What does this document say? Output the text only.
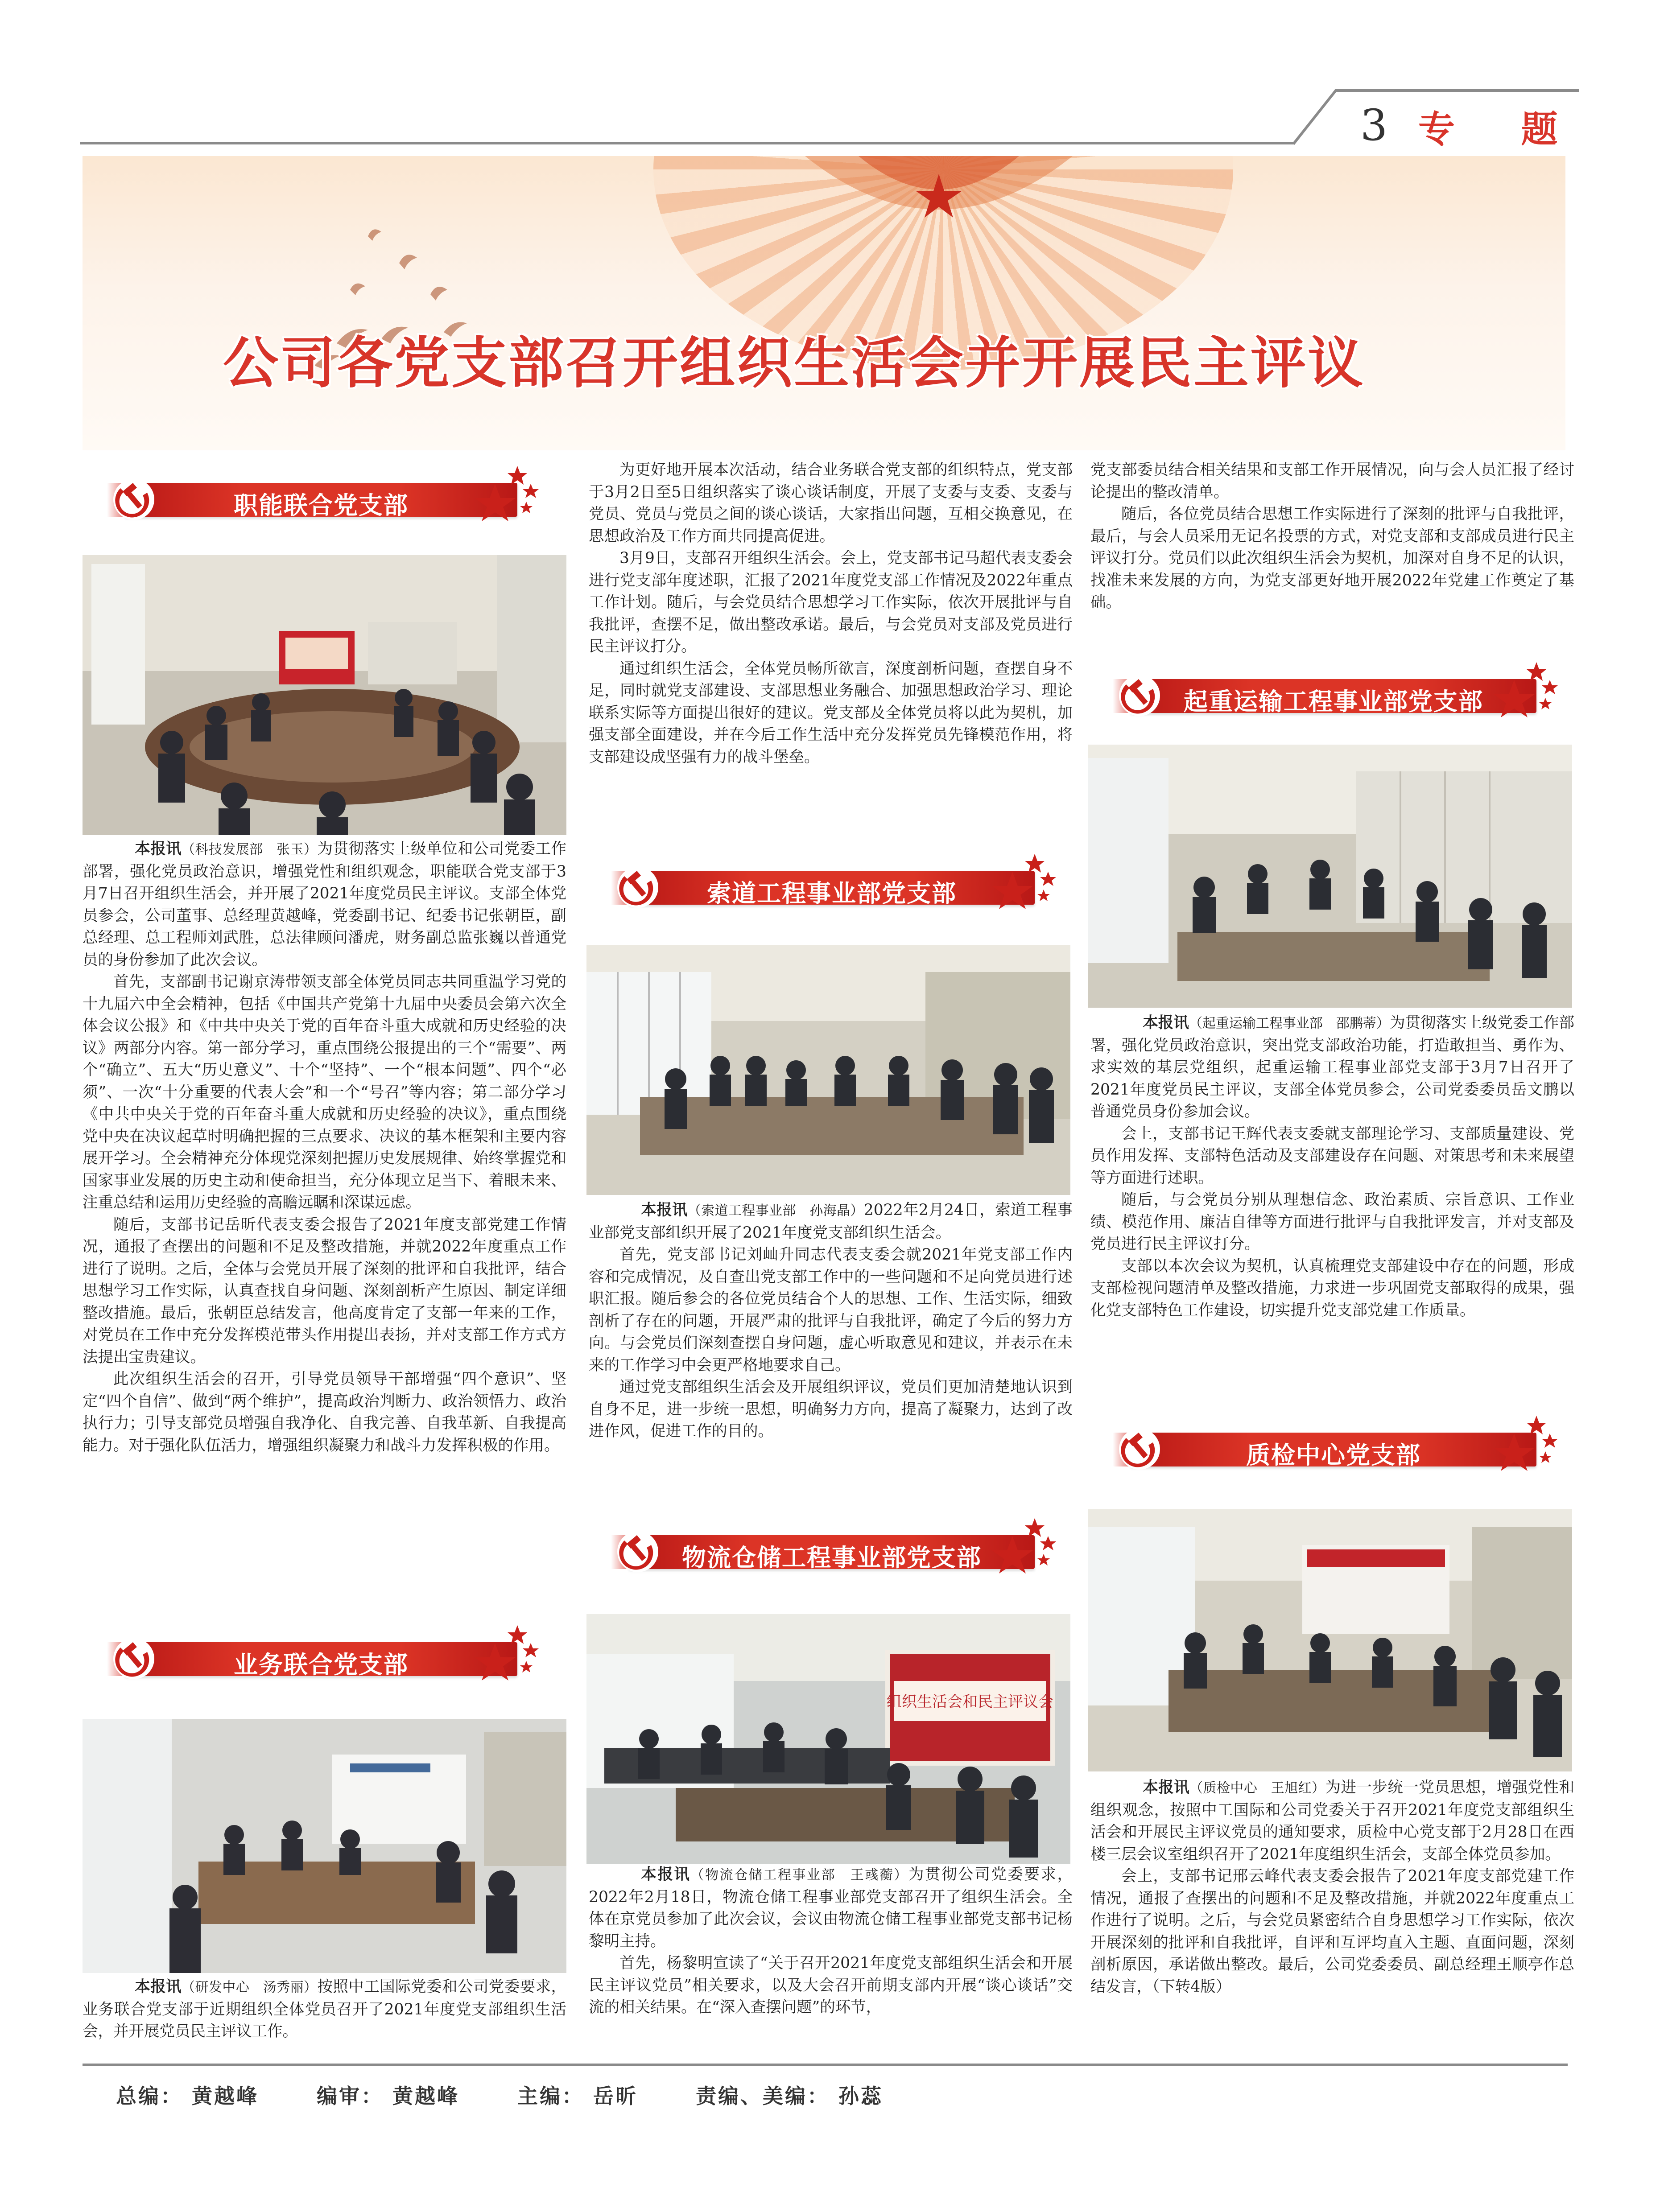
3 专 题
公司各党支部召开组织生活会并开展民主评议
职能联合党支部

本报讯（科技发展部　张玉）为贯彻落实上级单位和公司党委工作部署，强化党员政治意识，增强党性和组织观念，职能联合党支部于3月7日召开组织生活会，并开展了2021年度党员民主评议。支部全体党员参会，公司董事、总经理黄越峰，党委副书记、纪委书记张朝臣，副总经理、总工程师刘武胜，总法律顾问潘虎，财务副总监张巍以普通党员的身份参加了此次会议。

首先，支部副书记谢京涛带领支部全体党员同志共同重温学习党的十九届六中全会精神，包括《中国共产党第十九届中央委员会第六次全体会议公报》和《中共中央关于党的百年奋斗重大成就和历史经验的决议》两部分内容。第一部分学习，重点围绕公报提出的三个“需要”、两个“确立”、五大“历史意义”、十个“坚持”、一个“根本问题”、四个“必须”、一次“十分重要的代表大会”和一个“号召”等内容；第二部分学习《中共中央关于党的百年奋斗重大成就和历史经验的决议》，重点围绕党中央在决议起草时明确把握的三点要求、决议的基本框架和主要内容展开学习。全会精神充分体现党深刻把握历史发展规律、始终掌握党和国家事业发展的历史主动和使命担当，充分体现立足当下、着眼未来、注重总结和运用历史经验的高瞻远瞩和深谋远虑。

随后，支部书记岳昕代表支委会报告了2021年度支部党建工作情况，通报了查摆出的问题和不足及整改措施，并就2022年度重点工作进行了说明。之后，全体与会党员开展了深刻的批评和自我批评，结合思想学习工作实际，认真查找自身问题、深刻剖析产生原因、制定详细整改措施。最后，张朝臣总结发言，他高度肯定了支部一年来的工作，对党员在工作中充分发挥模范带头作用提出表扬，并对支部工作方式方法提出宝贵建议。

此次组织生活会的召开，引导党员领导干部增强“四个意识”、坚定“四个自信”、做到“两个维护”，提高政治判断力、政治领悟力、政治执行力；引导支部党员增强自我净化、自我完善、自我革新、自我提高能力。对于强化队伍活力，增强组织凝聚力和战斗力发挥积极的作用。

业务联合党支部

本报讯（研发中心　汤秀丽）按照中工国际党委和公司党委要求，业务联合党支部于近期组织全体党员召开了2021年度党支部组织生活会，并开展党员民主评议工作。

为更好地开展本次活动，结合业务联合党支部的组织特点，党支部于3月2日至5日组织落实了谈心谈话制度，开展了支委与支委、支委与党员、党员与党员之间的谈心谈话，大家指出问题，互相交换意见，在思想政治及工作方面共同提高促进。

3月9日，支部召开组织生活会。会上，党支部书记马超代表支委会进行党支部年度述职，汇报了2021年度党支部工作情况及2022年重点工作计划。随后，与会党员结合思想学习工作实际，依次开展批评与自我批评，查摆不足，做出整改承诺。最后，与会党员对支部及党员进行民主评议打分。

通过组织生活会，全体党员畅所欲言，深度剖析问题，查摆自身不足，同时就党支部建设、支部思想业务融合、加强思想政治学习、理论联系实际等方面提出很好的建议。党支部及全体党员将以此为契机，加强支部全面建设，并在今后工作生活中充分发挥党员先锋模范作用，将支部建设成坚强有力的战斗堡垒。

索道工程事业部党支部

本报讯（索道工程事业部　孙海晶）2022年2月24日，索道工程事业部党支部组织开展了2021年度党支部组织生活会。

首先，党支部书记刘屾升同志代表支委会就2021年党支部工作内容和完成情况，及自查出党支部工作中的一些问题和不足向党员进行述职汇报。随后参会的各位党员结合个人的思想、工作、生活实际，细致剖析了存在的问题，开展严肃的批评与自我批评，确定了今后的努力方向。与会党员们深刻查摆自身问题，虚心听取意见和建议，并表示在未来的工作学习中会更严格地要求自己。

通过党支部组织生活会及开展组织评议，党员们更加清楚地认识到自身不足，进一步统一思想，明确努力方向，提高了凝聚力，达到了改进作风，促进工作的目的。

物流仓储工程事业部党支部
组织生活会和民主评议会

本报讯（物流仓储工程事业部　王彧蘅）为贯彻公司党委要求，2022年2月18日，物流仓储工程事业部党支部召开了组织生活会。全体在京党员参加了此次会议，会议由物流仓储工程事业部党支部书记杨黎明主持。

首先，杨黎明宣读了“关于召开2021年度党支部组织生活会和开展民主评议党员”相关要求，以及大会召开前期支部内开展“谈心谈话”交流的相关结果。在“深入查摆问题”的环节，

党支部委员结合相关结果和支部工作开展情况，向与会人员汇报了经讨论提出的整改清单。

随后，各位党员结合思想工作实际进行了深刻的批评与自我批评，最后，与会人员采用无记名投票的方式，对党支部和支部成员进行民主评议打分。党员们以此次组织生活会为契机，加深对自身不足的认识，找准未来发展的方向，为党支部更好地开展2022年党建工作奠定了基础。

起重运输工程事业部党支部

本报讯（起重运输工程事业部　邵鹏蒂）为贯彻落实上级党委工作部署，强化党员政治意识，突出党支部政治功能，打造敢担当、勇作为、求实效的基层党组织，起重运输工程事业部党支部于3月7日召开了2021年度党员民主评议，支部全体党员参会，公司党委委员岳文鹏以普通党员身份参加会议。

会上，支部书记王辉代表支委就支部理论学习、支部质量建设、党员作用发挥、支部特色活动及支部建设存在问题、对策思考和未来展望等方面进行述职。

随后，与会党员分别从理想信念、政治素质、宗旨意识、工作业绩、模范作用、廉洁自律等方面进行批评与自我批评发言，并对支部及党员进行民主评议打分。

支部以本次会议为契机，认真梳理党支部建设中存在的问题，形成支部检视问题清单及整改措施，力求进一步巩固党支部取得的成果，强化党支部特色工作建设，切实提升党支部党建工作质量。

质检中心党支部

本报讯（质检中心　王旭红）为进一步统一党员思想，增强党性和组织观念，按照中工国际和公司党委关于召开2021年度党支部组织生活会和开展民主评议党员的通知要求，质检中心党支部于2月28日在西楼三层会议室组织召开了2021年度组织生活会，支部全体党员参加。

会上，支部书记邢云峰代表支委会报告了2021年度支部党建工作情况，通报了查摆出的问题和不足及整改措施，并就2022年度重点工作进行了说明。之后，与会党员紧密结合自身思想学习工作实际，依次开展深刻的批评和自我批评，自评和互评均直入主题、直面问题，深刻剖析原因，承诺做出整改。最后，公司党委委员、副总经理王顺亭作总结发言，（下转4版）

总编： 黄越峰	编审： 黄越峰	主编： 岳昕	责编、美编： 孙蕊
